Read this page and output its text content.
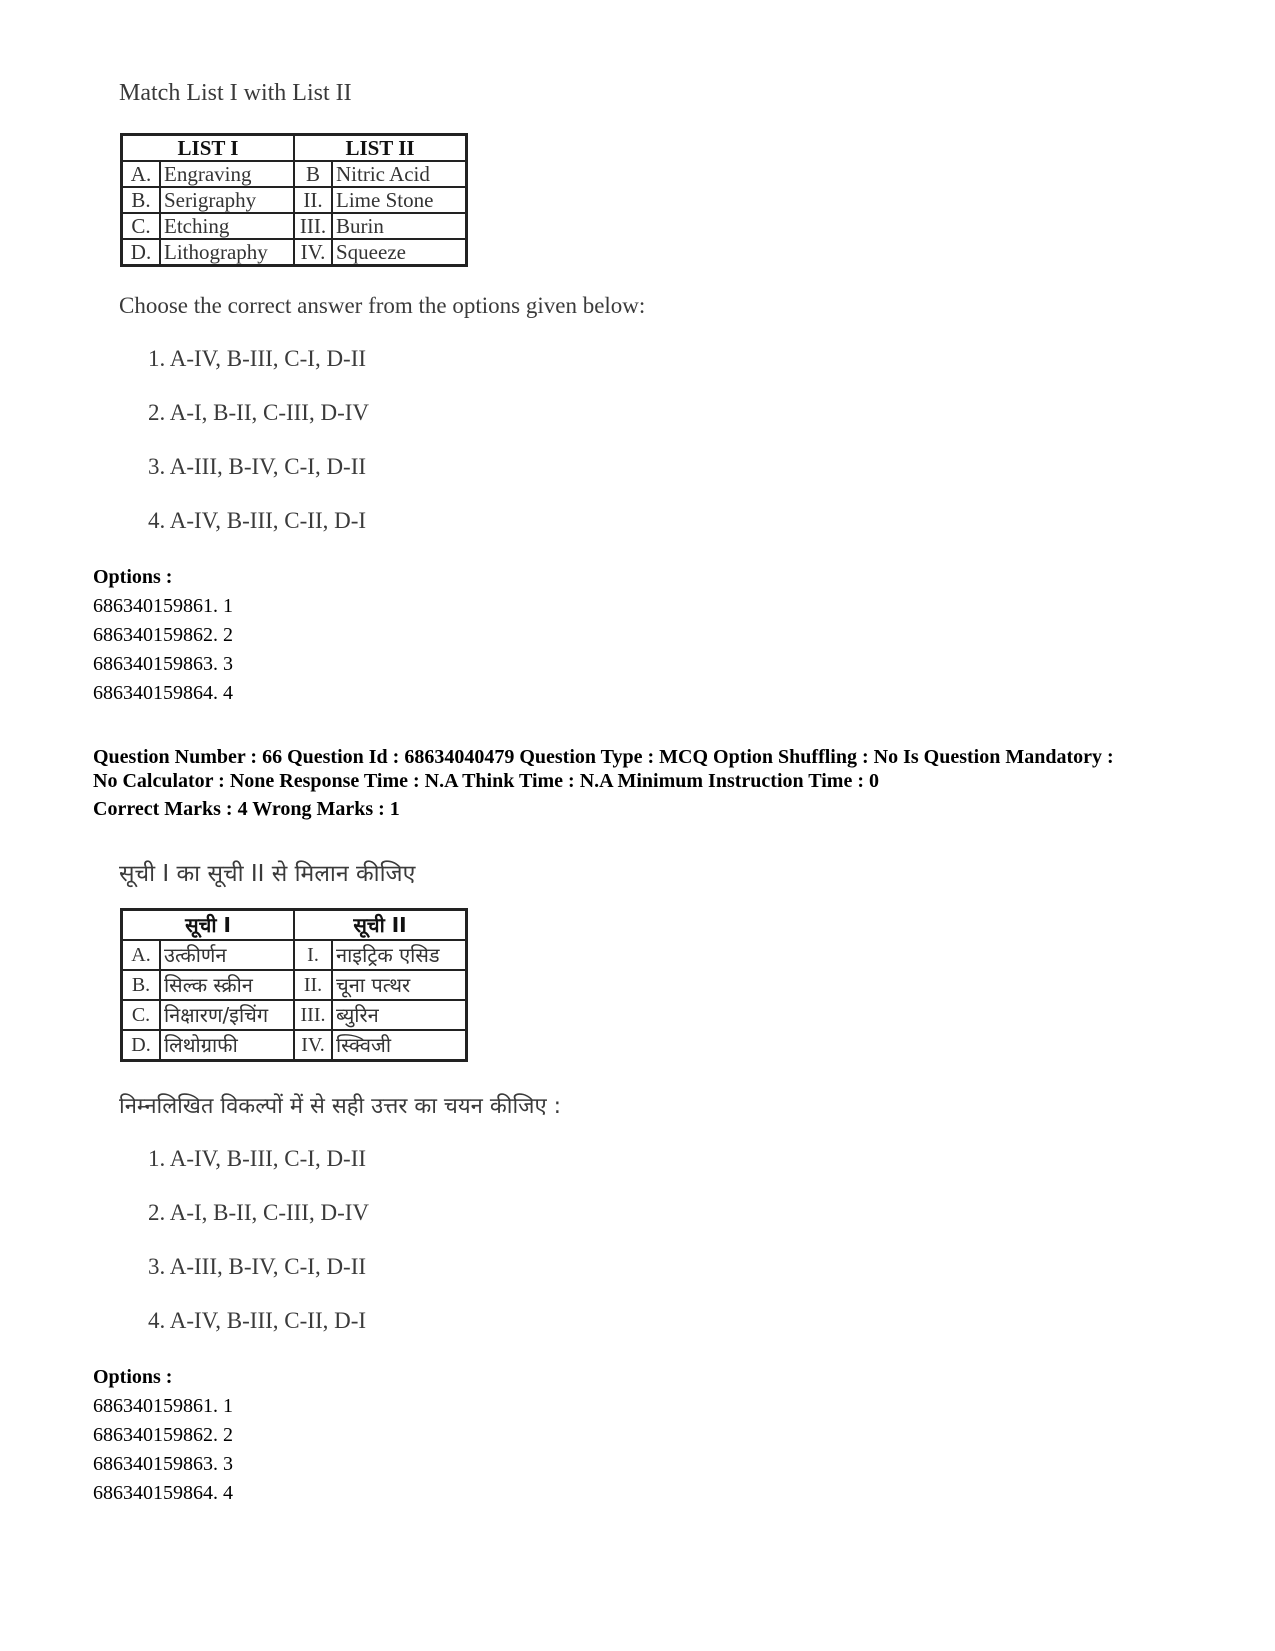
Match List I with List II
LIST I		LIST II	
A.	Engraving	B	Nitric Acid
B.	Serigraphy	II.	Lime Stone
C.	Etching	III.	Burin
D.	Lithography	IV.	Squeeze
Choose the correct answer from the options given below:
1. A-IV, B-III, C-I, D-II
2. A-I, B-II, C-III, D-IV
3. A-III, B-IV, C-I, D-II
4. A-IV, B-III, C-II, D-I
Options :
686340159861. 1
686340159862. 2
686340159863. 3
686340159864. 4
Question Number : 66 Question Id : 68634040479 Question Type : MCQ Option Shuffling : No Is Question Mandatory :
No Calculator : None Response Time : N.A Think Time : N.A Minimum Instruction Time : 0
Correct Marks : 4 Wrong Marks : 1
सूची I का सूची II से मिलान कीजिए
सूची I		सूची II	
A.	उत्कीर्णन	I.	नाइट्रिक एसिड
B.	सिल्क स्क्रीन	II.	चूना पत्थर
C.	निक्षारण/इचिंग	III.	ब्युरिन
D.	लिथोग्राफी	IV.	स्क्विजी
निम्नलिखित विकल्पों में से सही उत्तर का चयन कीजिए :
1. A-IV, B-III, C-I, D-II
2. A-I, B-II, C-III, D-IV
3. A-III, B-IV, C-I, D-II
4. A-IV, B-III, C-II, D-I
Options :
686340159861. 1
686340159862. 2
686340159863. 3
686340159864. 4
